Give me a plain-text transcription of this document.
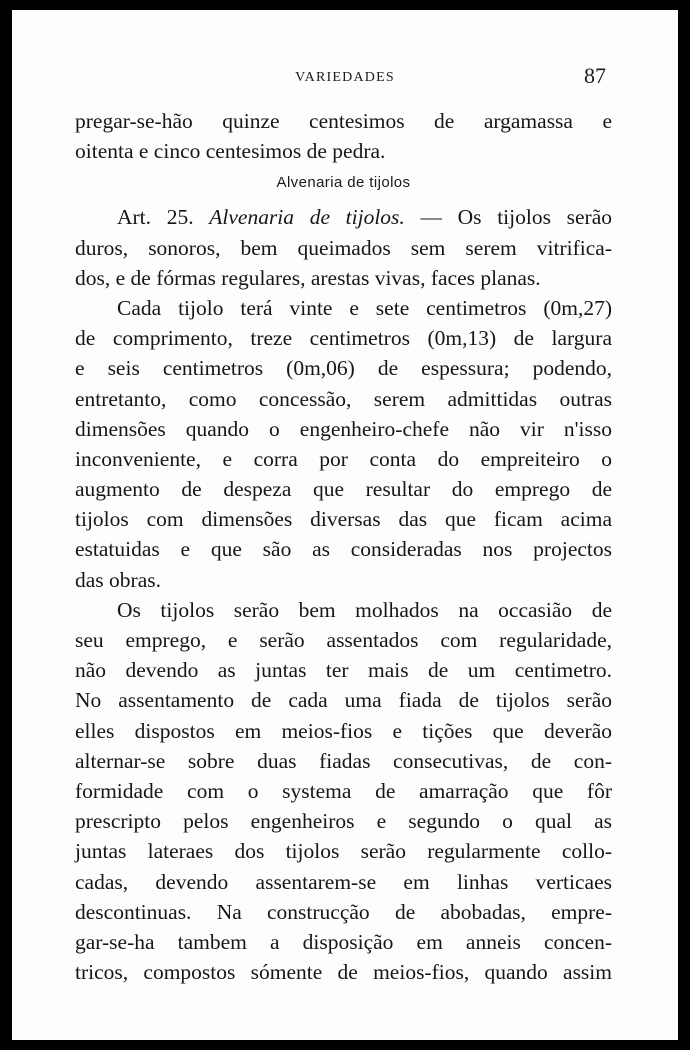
VARIEDADES	87
pregar-se-hão quinze centesimos de argamassa e
oitenta e cinco centesimos de pedra.
Alvenaria de tijolos
Art. 25. Alvenaria de tijolos. — Os tijolos serão
duros, sonoros, bem queimados sem serem vitrifica-
dos, e de fórmas regulares, arestas vivas, faces planas.
Cada tijolo terá vinte e sete centimetros (0m,27)
de comprimento, treze centimetros (0m,13) de largura
e seis centimetros (0m,06) de espessura; podendo,
entretanto, como concessão, serem admittidas outras
dimensões quando o engenheiro-chefe não vir n'isso
inconveniente, e corra por conta do empreiteiro o
augmento de despeza que resultar do emprego de
tijolos com dimensões diversas das que ficam acima
estatuidas e que são as consideradas nos projectos
das obras.
Os tijolos serão bem molhados na occasião de
seu emprego, e serão assentados com regularidade,
não devendo as juntas ter mais de um centimetro.
No assentamento de cada uma fiada de tijolos serão
elles dispostos em meios-fios e tições que deverão
alternar-se sobre duas fiadas consecutivas, de con-
formidade com o systema de amarração que fôr
prescripto pelos engenheiros e segundo o qual as
juntas lateraes dos tijolos serão regularmente collo-
cadas, devendo assentarem-se em linhas verticaes
descontinuas. Na construcção de abobadas, empre-
gar-se-ha tambem a disposição em anneis concen-
tricos, compostos sómente de meios-fios, quando assim
